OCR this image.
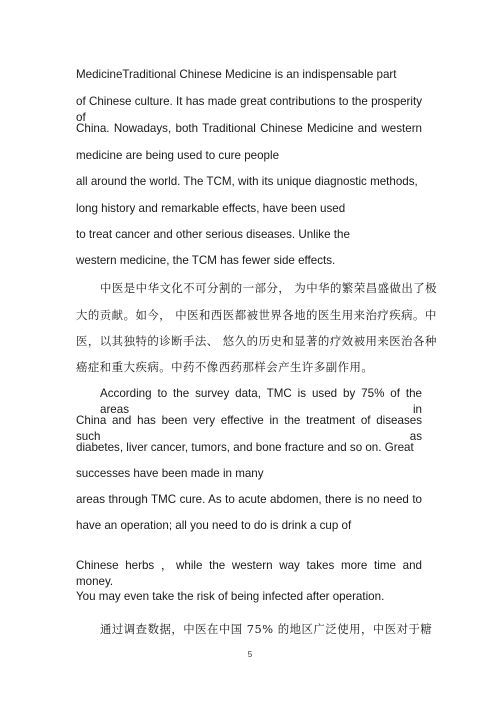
MedicineTraditional Chinese Medicine is an indispensable part

of Chinese culture. It has made great contributions to the prosperity of

China. Nowadays, both Traditional Chinese Medicine and western

medicine are being used to cure people

all around the world. The TCM, with its unique diagnostic methods,

long history and remarkable effects, have been used

to treat cancer and other serious diseases. Unlike the

western medicine, the TCM has fewer side effects.

中医是中华文化不可分割的一部分， 为中华的繁荣昌盛做出了极

大的贡献。如今， 中医和西医都被世界各地的医生用来治疗疾病。中

医，以其独特的诊断手法、 悠久的历史和显著的疗效被用来医治各种

癌症和重大疾病。中药不像西药那样会产生许多副作用。

According to the survey data, TMC is used by 75% of the areas in

China and has been very effective in the treatment of diseases such as

diabetes, liver cancer, tumors, and bone fracture and so on. Great

successes have been made in many

areas through TMC cure. As to acute abdomen, there is no need to

have an operation; all you need to do is drink a cup of

Chinese herbs ，while the western way takes more time and money.

You may even take the risk of being infected after operation.

通过调查数据，中医在中国 75% 的地区广泛使用，中医对于糖

5
